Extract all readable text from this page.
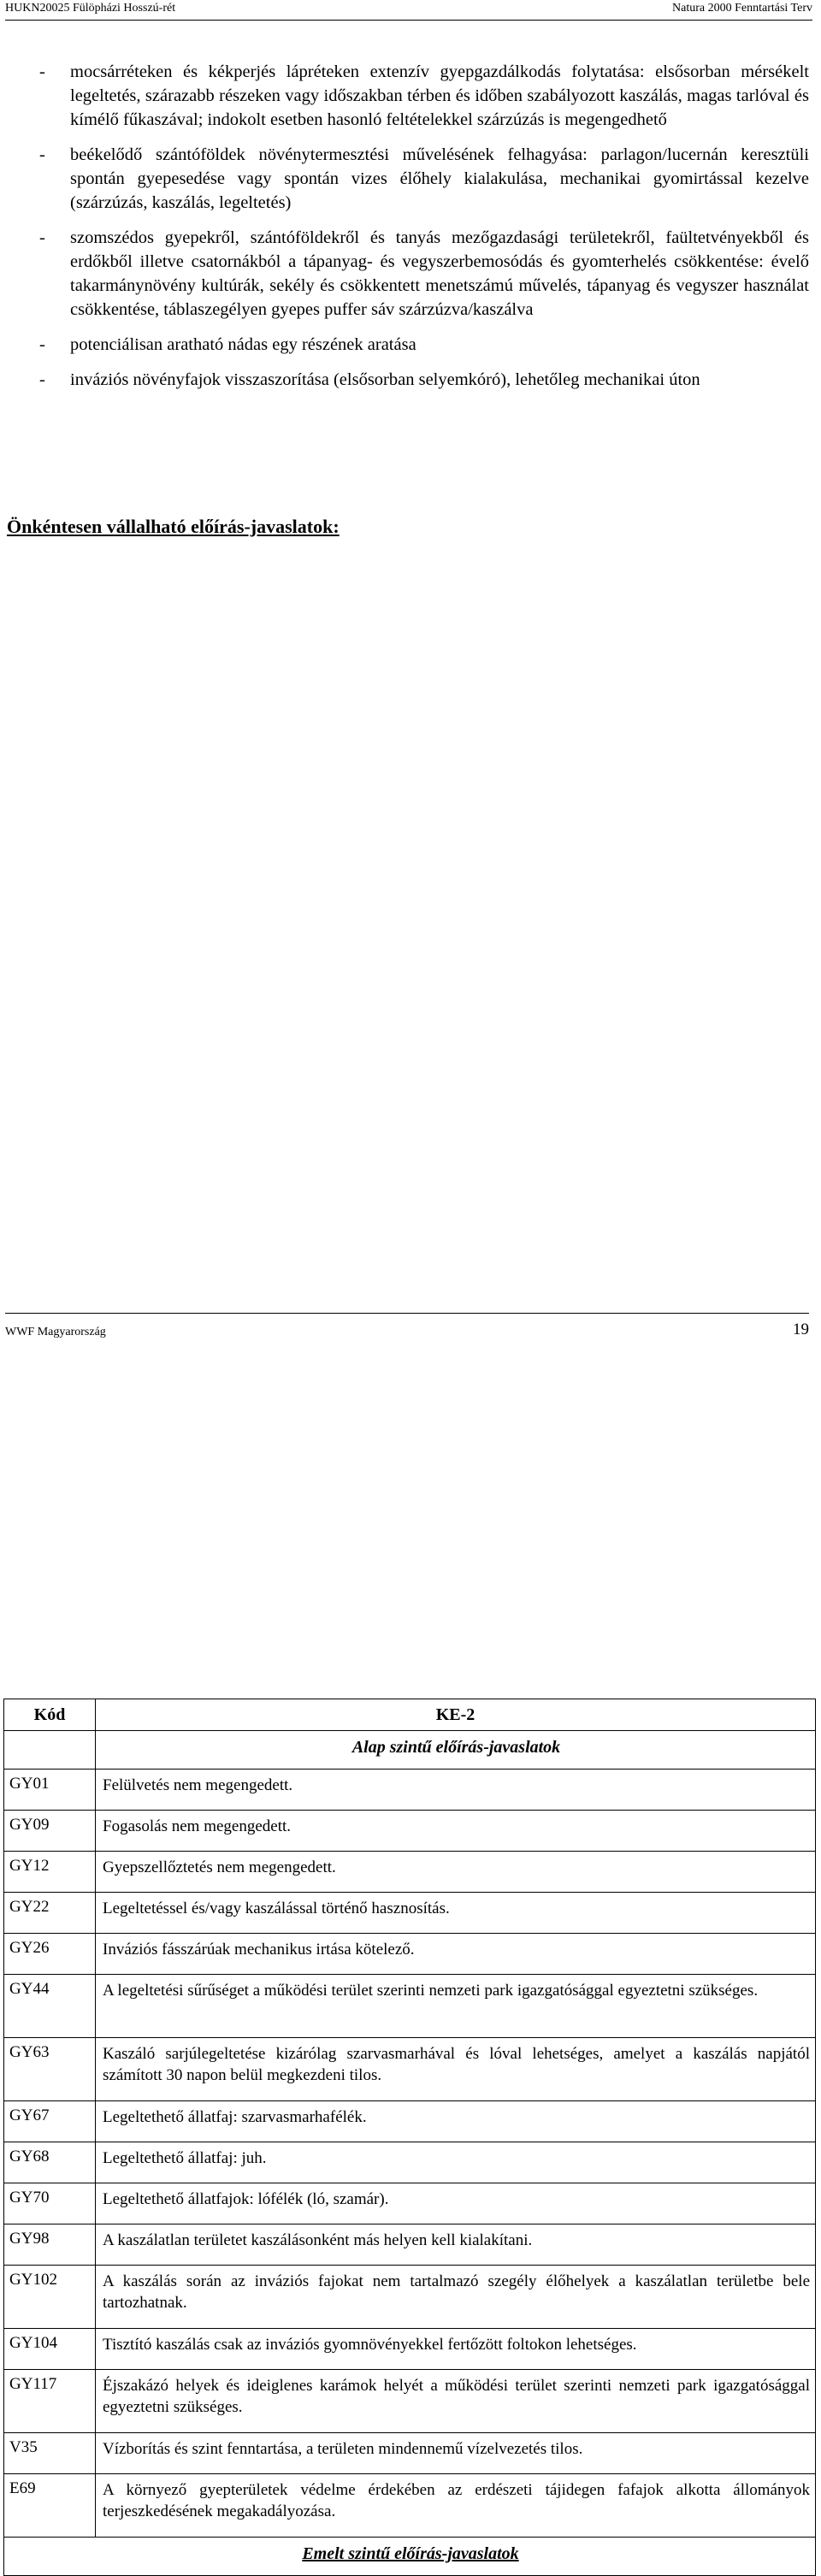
HUKN20025 Fülöpházi Hosszú-rét	Natura 2000 Fenntartási Terv
-	mocsárréteken és kékperjés lápréteken extenzív gyepgazdálkodás folytatása: elsősorban mérsékelt legeltetés, szárazabb részeken vagy időszakban térben és időben szabályozott kaszálás, magas tarlóval és kímélő fűkaszával; indokolt esetben hasonló feltételekkel szárzúzás is megengedhető
-	beékelődő szántóföldek növénytermesztési művelésének felhagyása: parlagon/lucernán keresztüli spontán gyepesedése vagy spontán vizes élőhely kialakulása, mechanikai gyomirtással kezelve (szárzúzás, kaszálás, legeltetés)
-	szomszédos gyepekről, szántóföldekről és tanyás mezőgazdasági területekről, faültetvényekből és erdőkből illetve csatornákból a tápanyag- és vegyszerbemosódás és gyomterhelés csökkentése: évelő takarmánynövény kultúrák, sekély és csökkentett menetszámú művelés, tápanyag és vegyszer használat csökkentése, táblaszegélyen gyepes puffer sáv szárzúzva/kaszálva
-	potenciálisan aratható nádas egy részének aratása
-	inváziós növényfajok visszaszorítása (elsősorban selyemkóró), lehetőleg mechanikai úton
Önkéntesen vállalható előírás-javaslatok:
Kód	KE-2
	Alap szintű előírás-javaslatok
GY01	Felülvetés nem megengedett.
GY09	Fogasolás nem megengedett.
GY12	Gyepszellőztetés nem megengedett.
GY22	Legeltetéssel és/vagy kaszálással történő hasznosítás.
GY26	Inváziós fásszárúak mechanikus irtása kötelező.
GY44	A legeltetési sűrűséget a működési terület szerinti nemzeti park igazgatósággal egyeztetni szükséges.
GY63	Kaszáló sarjúlegeltetése kizárólag szarvasmarhával és lóval lehetséges, amelyet a kaszálás napjától számított 30 napon belül megkezdeni tilos.
GY67	Legeltethető állatfaj: szarvasmarhafélék.
GY68	Legeltethető állatfaj: juh.
GY70	Legeltethető állatfajok: lófélék (ló, szamár).
GY98	A kaszálatlan területet kaszálásonként más helyen kell kialakítani.
GY102	A kaszálás során az inváziós fajokat nem tartalmazó szegély élőhelyek a kaszálatlan területbe bele tartozhatnak.
GY104	Tisztító kaszálás csak az inváziós gyomnövényekkel fertőzött foltokon lehetséges.
GY117	Éjszakázó helyek és ideiglenes karámok helyét a működési terület szerinti nemzeti park igazgatósággal egyeztetni szükséges.
V35	Vízborítás és szint fenntartása, a területen mindennemű vízelvezetés tilos.
E69	A környező gyepterületek védelme érdekében az erdészeti tájidegen fafajok alkotta állományok terjeszkedésének megakadályozása.
Emelt szintű előírás-javaslatok	
WWF Magyarország	19
